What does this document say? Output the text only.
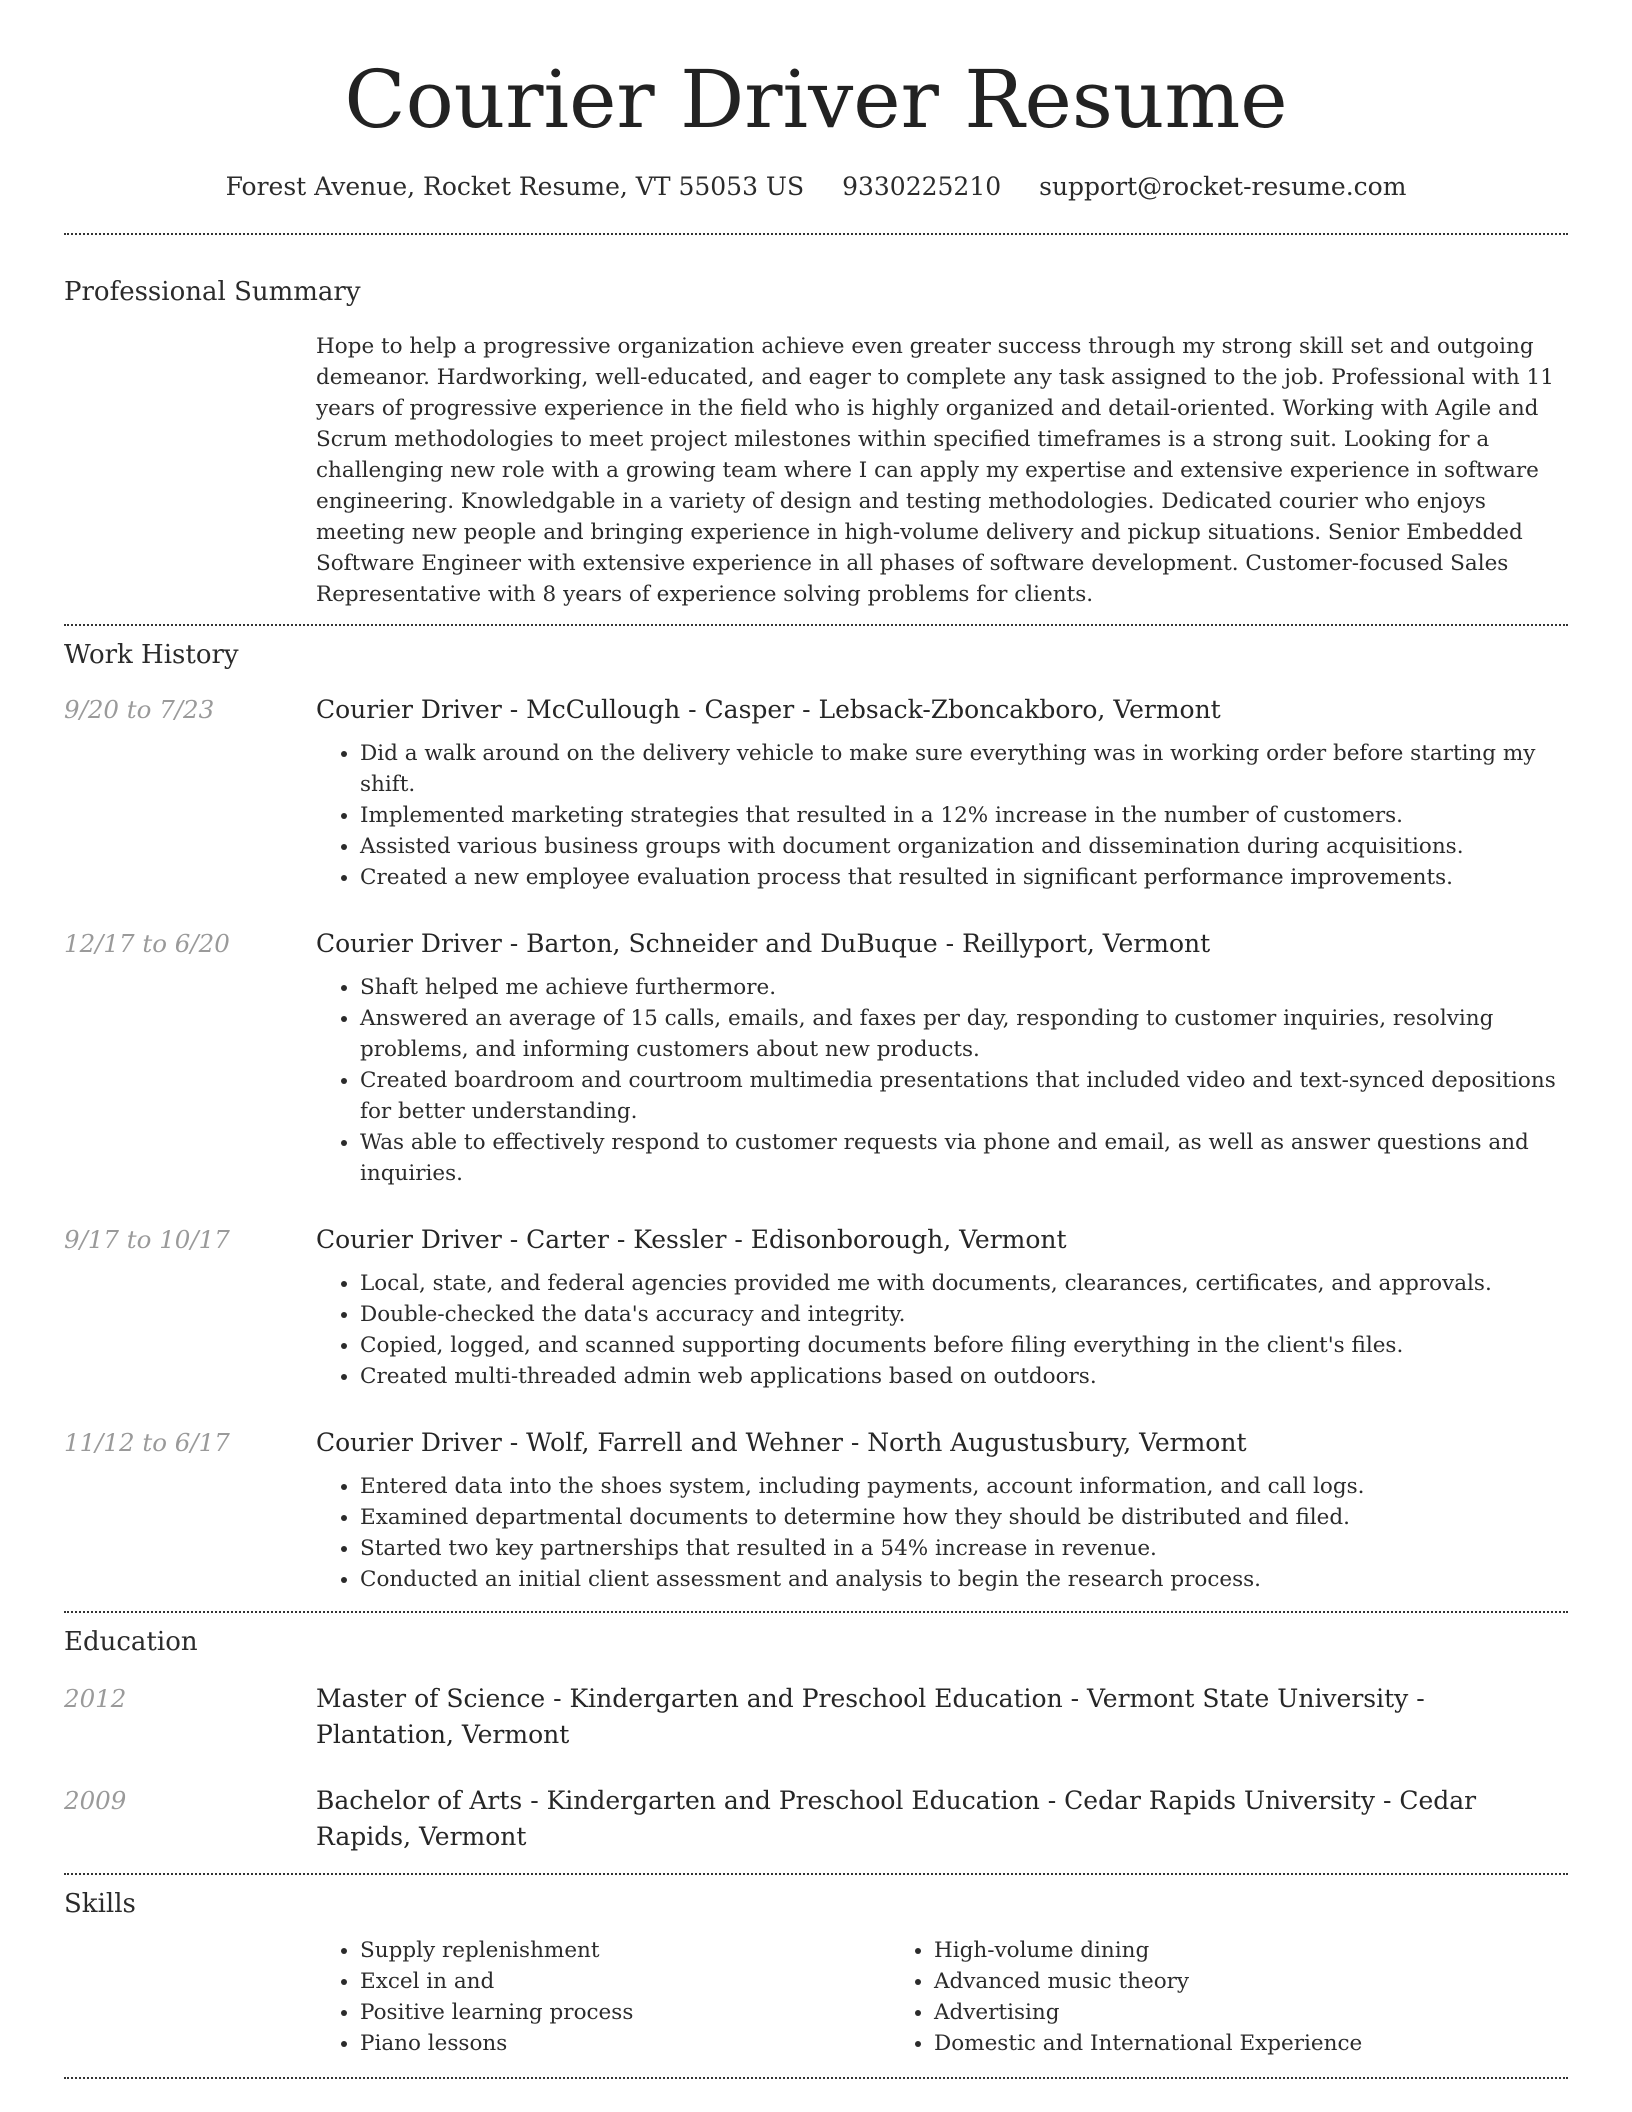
Courier Driver Resume
Forest Avenue, Rocket Resume, VT 55053 US 9330225210 support@rocket-resume.com
Professional Summary
Hope to help a progressive organization achieve even greater success through my strong skill set and outgoing demeanor. Hardworking, well-educated, and eager to complete any task assigned to the job. Professional with 11 years of progressive experience in the field who is highly organized and detail-oriented. Working with Agile and Scrum methodologies to meet project milestones within specified timeframes is a strong suit. Looking for a challenging new role with a growing team where I can apply my expertise and extensive experience in software engineering. Knowledgable in a variety of design and testing methodologies. Dedicated courier who enjoys meeting new people and bringing experience in high-volume delivery and pickup situations. Senior Embedded Software Engineer with extensive experience in all phases of software development. Customer-focused Sales Representative with 8 years of experience solving problems for clients.
Work History
9/20 to 7/23	Courier Driver - McCullough - Casper - Lebsack-Zboncakboro, Vermont
• Did a walk around on the delivery vehicle to make sure everything was in working order before starting my shift.
• Implemented marketing strategies that resulted in a 12% increase in the number of customers.
• Assisted various business groups with document organization and dissemination during acquisitions.
• Created a new employee evaluation process that resulted in significant performance improvements.
12/17 to 6/20	Courier Driver - Barton, Schneider and DuBuque - Reillyport, Vermont
• Shaft helped me achieve furthermore.
• Answered an average of 15 calls, emails, and faxes per day, responding to customer inquiries, resolving problems, and informing customers about new products.
• Created boardroom and courtroom multimedia presentations that included video and text-synced depositions for better understanding.
• Was able to effectively respond to customer requests via phone and email, as well as answer questions and inquiries.
9/17 to 10/17	Courier Driver - Carter - Kessler - Edisonborough, Vermont
• Local, state, and federal agencies provided me with documents, clearances, certificates, and approvals.
• Double-checked the data's accuracy and integrity.
• Copied, logged, and scanned supporting documents before filing everything in the client's files.
• Created multi-threaded admin web applications based on outdoors.
11/12 to 6/17	Courier Driver - Wolf, Farrell and Wehner - North Augustusbury, Vermont
• Entered data into the shoes system, including payments, account information, and call logs.
• Examined departmental documents to determine how they should be distributed and filed.
• Started two key partnerships that resulted in a 54% increase in revenue.
• Conducted an initial client assessment and analysis to begin the research process.
Education
2012	Master of Science - Kindergarten and Preschool Education - Vermont State University - Plantation, Vermont
2009	Bachelor of Arts - Kindergarten and Preschool Education - Cedar Rapids University - Cedar Rapids, Vermont
Skills
• Supply replenishment
• Excel in and
• Positive learning process
• Piano lessons
• High-volume dining
• Advanced music theory
• Advertising
• Domestic and International Experience
